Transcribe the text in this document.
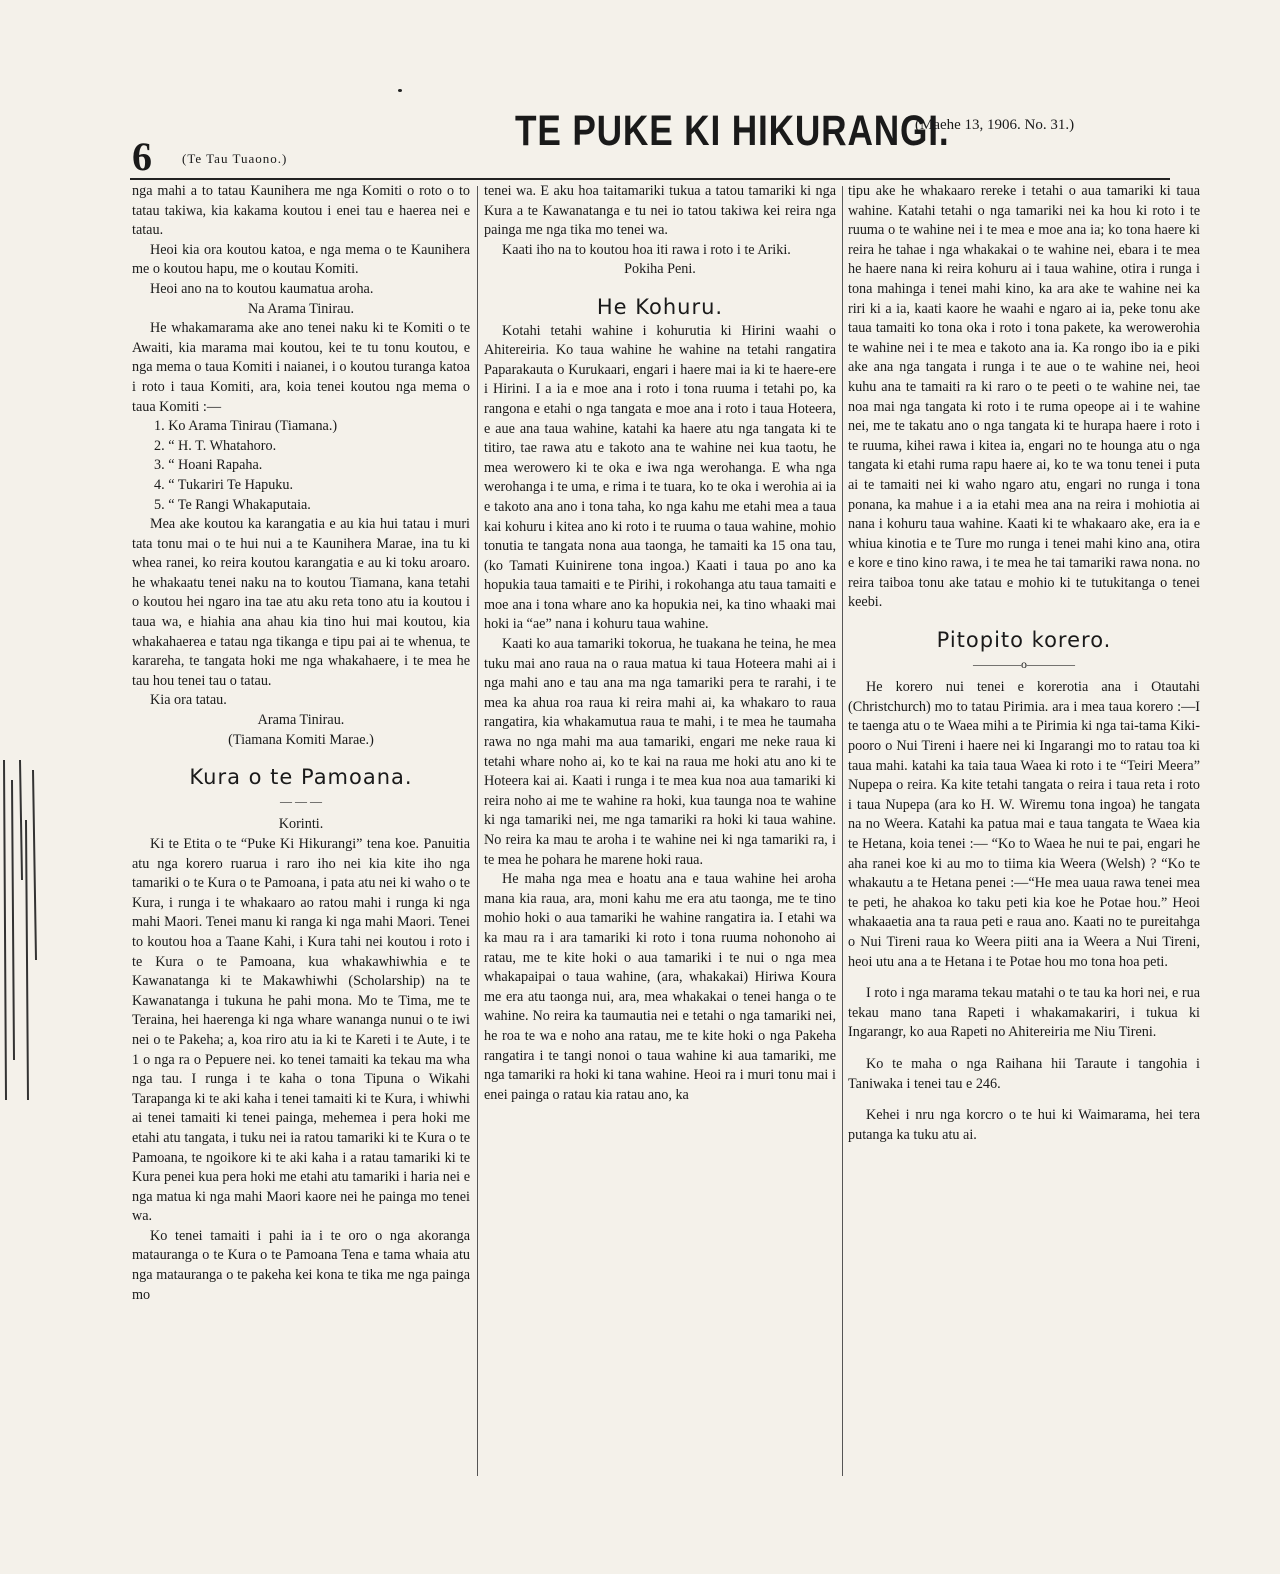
6 (Te Tau Tuaono.)
TE PUKE KI HIKURANGI.
(Maehe 13, 1906. No. 31.)

nga mahi a to tatau Kaunihera me nga Komiti o roto o to tatau takiwa, kia kakama koutou i enei tau e haerea nei e tatau.

Heoi kia ora koutou katoa, e nga mema o te Kaunihera me o koutou hapu, me o koutau Komiti.

Heoi ano na to koutou kaumatua aroha.

Na Arama Tinirau.

He whakamarama ake ano tenei naku ki te Komiti o te Awaiti, kia marama mai koutou, kei te tu tonu koutou, e nga mema o taua Komiti i naianei, i o koutou turanga katoa i roto i taua Komiti, ara, koia tenei koutou nga mema o taua Komiti :—

1. Ko Arama Tinirau (Tiamana.)
2. “ H. T. Whatahoro.
3. “ Hoani Rapaha.
4. “ Tukariri Te Hapuku.
5. “ Te Rangi Whakaputaia.

Mea ake koutou ka karangatia e au kia hui tatau i muri tata tonu mai o te hui nui a te Kaunihera Marae, ina tu ki whea ranei, ko reira koutou karangatia e au ki toku aroaro. he whakaatu tenei naku na to koutou Tiamana, kana tetahi o koutou hei ngaro ina tae atu aku reta tono atu ia koutou i taua wa, e hiahia ana ahau kia tino hui mai koutou, kia whakahaerea e tatau nga tikanga e tipu pai ai te whenua, te karareha, te tangata hoki me nga whakahaere, i te mea he tau hou tenei tau o tatau.

Kia ora tatau.

Arama Tinirau.

(Tiamana Komiti Marae.)

Kura o te Pamoana.
— — —

Korinti.

Ki te Etita o te “Puke Ki Hikurangi” tena koe. Panuitia atu nga korero ruarua i raro iho nei kia kite iho nga tamariki o te Kura o te Pamoana, i pata atu nei ki waho o te Kura, i runga i te whakaaro ao ratou mahi i runga ki nga mahi Maori. Tenei manu ki ranga ki nga mahi Maori. Tenei to koutou hoa a Taane Kahi, i Kura tahi nei koutou i roto i te Kura o te Pamoana, kua whakawhiwhia e te Kawanatanga ki te Makawhiwhi (Scholarship) na te Kawanatanga i tukuna he pahi mona. Mo te Tima, me te Teraina, hei haerenga ki nga whare wananga nunui o te iwi nei o te Pakeha; a, koa riro atu ia ki te Kareti i te Aute, i te 1 o nga ra o Pepuere nei. ko tenei tamaiti ka tekau ma wha nga tau. I runga i te kaha o tona Tipuna o Wikahi Tarapanga ki te aki kaha i tenei tamaiti ki te Kura, i whiwhi ai tenei tamaiti ki tenei painga, mehemea i pera hoki me etahi atu tangata, i tuku nei ia ratou tamariki ki te Kura o te Pamoana, te ngoikore ki te aki kaha i a ratau tamariki ki te Kura penei kua pera hoki me etahi atu tamariki i haria nei e nga matua ki nga mahi Maori kaore nei he painga mo tenei wa.

Ko tenei tamaiti i pahi ia i te oro o nga akoranga matauranga o te Kura o te Pamoana Tena e tama whaia atu nga matauranga o te pakeha kei kona te tika me nga painga mo

tenei wa. E aku hoa taitamariki tukua a tatou tamariki ki nga Kura a te Kawanatanga e tu nei io tatou takiwa kei reira nga painga me nga tika mo tenei wa.

Kaati iho na to koutou hoa iti rawa i roto i te Ariki.

Pokiha Peni.

He Kohuru.

Kotahi tetahi wahine i kohurutia ki Hirini waahi o Ahitereiria. Ko taua wahine he wahine na tetahi rangatira Paparakauta o Kurukaari, engari i haere mai ia ki te haere-ere i Hirini. I a ia e moe ana i roto i tona ruuma i tetahi po, ka rangona e etahi o nga tangata e moe ana i roto i taua Hoteera, e aue ana taua wahine, katahi ka haere atu nga tangata ki te titiro, tae rawa atu e takoto ana te wahine nei kua taotu, he mea werowero ki te oka e iwa nga werohanga. E wha nga werohanga i te uma, e rima i te tuara, ko te oka i werohia ai ia e takoto ana ano i tona taha, ko nga kahu me etahi mea a taua kai kohuru i kitea ano ki roto i te ruuma o taua wahine, mohio tonutia te tangata nona aua taonga, he tamaiti ka 15 ona tau, (ko Tamati Kuinirene tona ingoa.) Kaati i taua po ano ka hopukia taua tamaiti e te Pirihi, i rokohanga atu taua tamaiti e moe ana i tona whare ano ka hopukia nei, ka tino whaaki mai hoki ia “ae” nana i kohuru taua wahine.

Kaati ko aua tamariki tokorua, he tuakana he teina, he mea tuku mai ano raua na o raua matua ki taua Hoteera mahi ai i nga mahi ano e tau ana ma nga tamariki pera te rarahi, i te mea ka ahua roa raua ki reira mahi ai, ka whakaro to raua rangatira, kia whakamutua raua te mahi, i te mea he taumaha rawa no nga mahi ma aua tamariki, engari me neke raua ki tetahi whare noho ai, ko te kai na raua me hoki atu ano ki te Hoteera kai ai. Kaati i runga i te mea kua noa aua tamariki ki reira noho ai me te wahine ra hoki, kua taunga noa te wahine ki nga tamariki nei, me nga tamariki ra hoki ki taua wahine. No reira ka mau te aroha i te wahine nei ki nga tamariki ra, i te mea he pohara he marene hoki raua.

He maha nga mea e hoatu ana e taua wahine hei aroha mana kia raua, ara, moni kahu me era atu taonga, me te tino mohio hoki o aua tamariki he wahine rangatira ia. I etahi wa ka mau ra i ara tamariki ki roto i tona ruuma nohonoho ai ratau, me te kite hoki o aua tamariki i te nui o nga mea whakapaipai o taua wahine, (ara, whakakai) Hiriwa Koura me era atu taonga nui, ara, mea whakakai o tenei hanga o te wahine. No reira ka taumautia nei e tetahi o nga tamariki nei, he roa te wa e noho ana ratau, me te kite hoki o nga Pakeha rangatira i te tangi nonoi o taua wahine ki aua tamariki, me nga tamariki ra hoki ki tana wahine. Heoi ra i muri tonu mai i enei painga o ratau kia ratau ano, ka

tipu ake he whakaaro rereke i tetahi o aua tamariki ki taua wahine. Katahi tetahi o nga tamariki nei ka hou ki roto i te ruuma o te wahine nei i te mea e moe ana ia; ko tona haere ki reira he tahae i nga whakakai o te wahine nei, ebara i te mea he haere nana ki reira kohuru ai i taua wahine, otira i runga i tona mahinga i tenei mahi kino, ka ara ake te wahine nei ka riri ki a ia, kaati kaore he waahi e ngaro ai ia, peke tonu ake taua tamaiti ko tona oka i roto i tona pakete, ka werowerohia te wahine nei i te mea e takoto ana ia. Ka rongo ibo ia e piki ake ana nga tangata i runga i te aue o te wahine nei, heoi kuhu ana te tamaiti ra ki raro o te peeti o te wahine nei, tae noa mai nga tangata ki roto i te ruma opeope ai i te wahine nei, me te takatu ano o nga tangata ki te hurapa haere i roto i te ruuma, kihei rawa i kitea ia, engari no te hounga atu o nga tangata ki etahi ruma rapu haere ai, ko te wa tonu tenei i puta ai te tamaiti nei ki waho ngaro atu, engari no runga i tona ponana, ka mahue i a ia etahi mea ana na reira i mohiotia ai nana i kohuru taua wahine. Kaati ki te whakaaro ake, era ia e whiua kinotia e te Ture mo runga i tenei mahi kino ana, otira e kore e tino kino rawa, i te mea he tai tamariki rawa nona. no reira taiboa tonu ake tatau e mohio ki te tutukitanga o tenei keebi.

Pitopito korero.
————o————

He korero nui tenei e korerotia ana i Otautahi (Christchurch) mo to tatau Pirimia. ara i mea taua korero :—I te taenga atu o te Waea mihi a te Pirimia ki nga tai-tama Kiki-pooro o Nui Tireni i haere nei ki Ingarangi mo to ratau toa ki taua mahi. katahi ka taia taua Waea ki roto i te “Teiri Meera” Nupepa o reira. Ka kite tetahi tangata o reira i taua reta i roto i taua Nupepa (ara ko H. W. Wiremu tona ingoa) he tangata na no Weera. Katahi ka patua mai e taua tangata te Waea kia te Hetana, koia tenei :— “Ko to Waea he nui te pai, engari he aha ranei koe ki au mo to tiima kia Weera (Welsh) ? “Ko te whakautu a te Hetana penei :—“He mea uaua rawa tenei mea te peti, he ahakoa ko taku peti kia koe he Potae hou.” Heoi whakaaetia ana ta raua peti e raua ano. Kaati no te pureitahga o Nui Tireni raua ko Weera piiti ana ia Weera a Nui Tireni, heoi utu ana a te Hetana i te Potae hou mo tona hoa peti.

I roto i nga marama tekau matahi o te tau ka hori nei, e rua tekau mano tana Rapeti i whakamakariri, i tukua ki Ingarangr, ko aua Rapeti no Ahitereiria me Niu Tireni.

Ko te maha o nga Raihana hii Taraute i tangohia i Taniwaka i tenei tau e 246.

Kehei i nru nga korcro o te hui ki Waimarama, hei tera putanga ka tuku atu ai.
